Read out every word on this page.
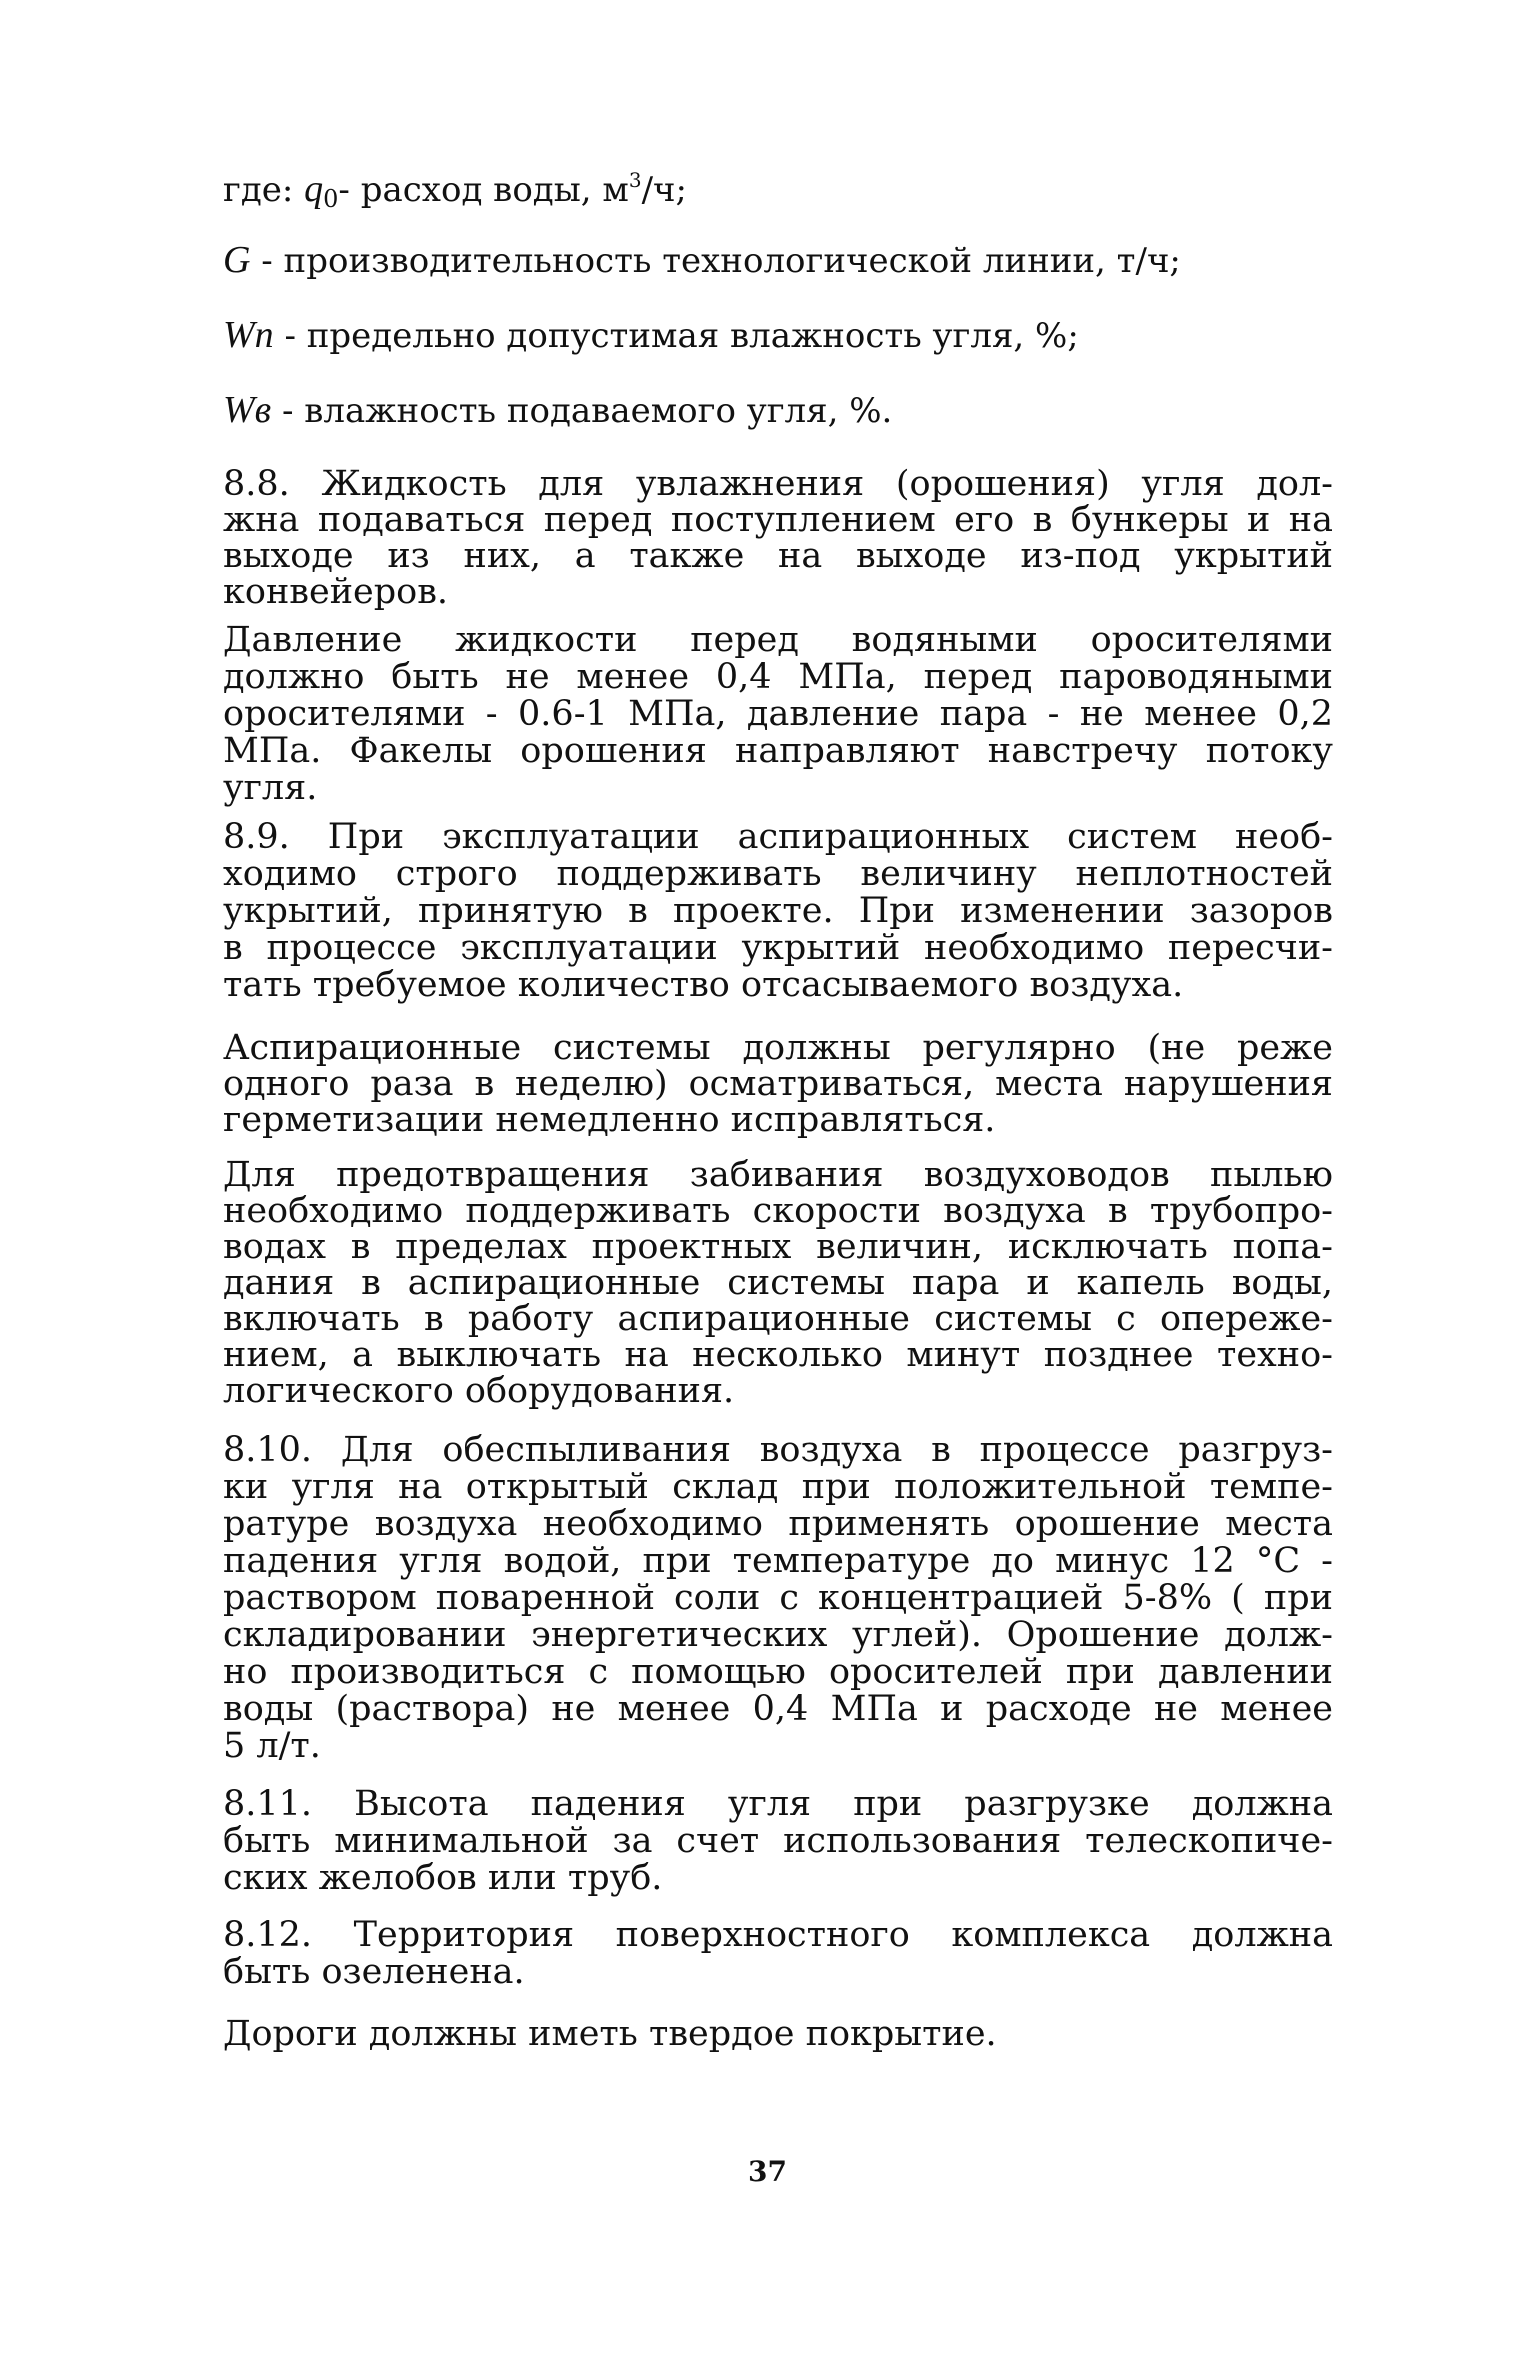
где: $q_0-$ расход воды, $м^3/ч$;
G - производительность технологической линии, т/ч;
Wn - предельно допустимая влажность угля, %;
Wв - влажность подаваемого угля, %.
8.8. Жидкость для увлажнения (орошения) угля дол-
жна подаваться перед поступлением его в бункеры и на
выходе из них, а также на выходе из-под укрытий
конвейеров.
Давление жидкости перед водяными оросителями
должно быть не менее 0,4 МПа, перед пароводяными
оросителями - 0.6-1 МПа, давление пара - не менее 0,2
МПа. Факелы орошения направляют навстречу потоку
угля.
8.9. При эксплуатации аспирационных систем необ-
ходимо строго поддерживать величину неплотностей
укрытий, принятую в проекте. При изменении зазоров
в процессе эксплуатации укрытий необходимо пересчи-
тать требуемое количество отсасываемого воздуха.
Аспирационные системы должны регулярно (не реже
одного раза в неделю) осматриваться, места нарушения
герметизации немедленно исправляться.
Для предотвращения забивания воздуховодов пылью
необходимо поддерживать скорости воздуха в трубопро-
водах в пределах проектных величин, исключать попа-
дания в аспирационные системы пара и капель воды,
включать в работу аспирационные системы с опереже-
нием, а выключать на несколько минут позднее техно-
логического оборудования.
8.10. Для обеспыливания воздуха в процессе разгруз-
ки угля на открытый склад при положительной темпе-
ратуре воздуха необходимо применять орошение места
падения угля водой, при температуре до минус 12 °С -
раствором поваренной соли с концентрацией 5-8% ( при
складировании энергетических углей). Орошение долж-
но производиться с помощью оросителей при давлении
воды (раствора) не менее 0,4 МПа и расходе не менее
5 л/т.
8.11. Высота падения угля при разгрузке должна
быть минимальной за счет использования телескопиче-
ских желобов или труб.
8.12. Территория поверхностного комплекса должна
быть озеленена.
Дороги должны иметь твердое покрытие.
37
